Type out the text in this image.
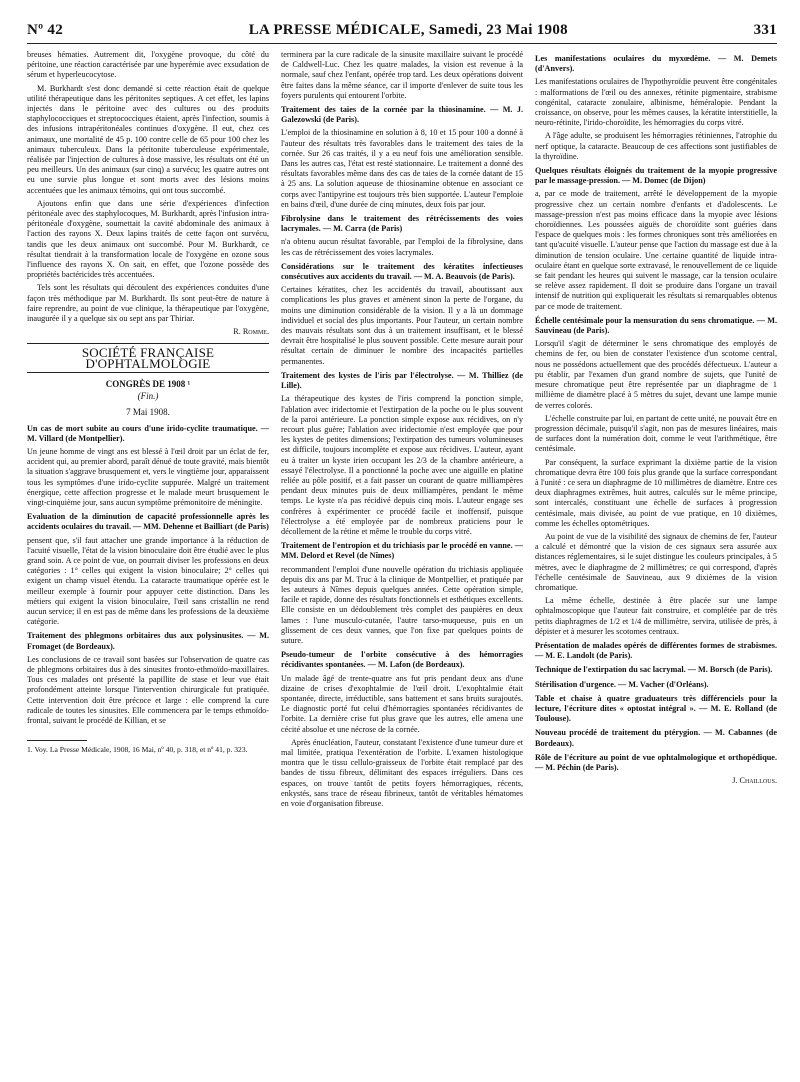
Nº 42	LA PRESSE MÉDICALE, Samedi, 23 Mai 1908	331

breuses hématies. Autrement dit, l'oxygène provoque, du côté du péritoine, une réaction caractérisée par une hyperémie avec exsudation de sérum et hyperleucocytose.

M. Burkhardt s'est donc demandé si cette réaction était de quelque utilité thérapeutique dans les péritonites septiques. A cet effet, les lapins injectés dans le péritoine avec des cultures ou des produits staphylococciques et streptococciques étaient, après l'infection, soumis à des infusions intrapéritonéales continues d'oxygène. Il eut, chez ces animaux, une mortalité de 45 p. 100 contre celle de 65 pour 100 chez les animaux tuberculeux. Dans la péritonite tuberculeuse expérimentale, réalisée par l'injection de cultures à dose massive, les résultats ont été un peu meilleurs. Un des animaux (sur cinq) a survécu; les quatre autres ont eu une survie plus longue et sont morts avec des lésions moins accentuées que les animaux témoins, qui ont tous succombé.

Ajoutons enfin que dans une série d'expériences d'infection péritonéale avec des staphylocoques, M. Burkhardt, après l'infusion intra-péritonéale d'oxygène, soumettait la cavité abdominale des animaux à l'action des rayons X. Deux lapins traités de cette façon ont survécu, tandis que les deux animaux ont succombé. Pour M. Burkhardt, ce résultat tiendrait à la transformation locale de l'oxygène en ozone sous l'influence des rayons X. On sait, en effet, que l'ozone possède des propriétés bactéricides très accentuées.

Tels sont les résultats qui découlent des expériences conduites d'une façon très méthodique par M. Burkhardt. Ils sont peut-être de nature à faire reprendre, au point de vue clinique, la thérapeutique par l'oxygène, inaugurée il y a quelque six ou sept ans par Thiriar.

R. Romme.
SOCIÉTÉ FRANÇAISE D'OPHTALMOLOGIE
CONGRÈS DE 1908 ¹
(Fin.)
7 Mai 1908.

Un cas de mort subite au cours d'une irido-cyclite traumatique. — M. Villard (de Montpellier).

Un jeune homme de vingt ans est blessé à l'œil droit par un éclat de fer, accident qui, au premier abord, paraît dénué de toute gravité, mais bientôt la situation s'aggrave brusquement et, vers le vingtième jour, apparaissent tous les symptômes d'une irido-cyclite suppurée. Malgré un traitement énergique, cette affection progresse et le malade meurt brusquement le vingt-cinquième jour, sans aucun symptôme prémonitoire de méningite.

Evaluation de la diminution de capacité professionnelle après les accidents oculaires du travail. — MM. Dehenne et Bailliart (de Paris)

pensent que, s'il faut attacher une grande importance à la réduction de l'acuité visuelle, l'état de la vision binoculaire doit être étudié avec le plus grand soin. A ce point de vue, on pourrait diviser les professions en deux catégories : 1° celles qui exigent la vision binoculaire; 2° celles qui exigent un champ visuel étendu. La cataracte traumatique opérée est le meilleur exemple à fournir pour appuyer cette distinction. Dans les métiers qui exigent la vision binoculaire, l'œil sans cristallin ne rend aucun service; il en est pas de même dans les professions de la deuxième catégorie.

Traitement des phlegmons orbitaires dus aux polysinusites. — M. Fromaget (de Bordeaux).

Les conclusions de ce travail sont basées sur l'observation de quatre cas de phlegmons orbitaires dus à des sinusites fronto-ethmoïdo-maxillaires. Tous ces malades ont présenté la papillite de stase et leur vue était profondément atteinte lorsque l'intervention chirurgicale fut pratiquée. Cette intervention doit être précoce et large : elle comprend la cure radicale de toutes les sinusites. Elle commencera par le temps ethmoïdo-frontal, suivant le procédé de Killian, et se

1. Voy. La Presse Médicale, 1908, 16 Mai, nº 40, p. 318, et nº 41, p. 323.

terminera par la cure radicale de la sinusite maxillaire suivant le procédé de Caldwell-Luc. Chez les quatre malades, la vision est revenue à la normale, sauf chez l'enfant, opérée trop tard. Les deux opérations doivent être faites dans la même séance, car il importe d'enlever de suite tous les foyers purulents qui entourent l'orbite.

Traitement des taies de la cornée par la thiosinamine. — M. J. Galezowski (de Paris).

L'emploi de la thiosinamine en solution à 8, 10 et 15 pour 100 a donné à l'auteur des résultats très favorables dans le traitement des taies de la cornée. Sur 26 cas traités, il y a eu neuf fois une amélioration sensible. Dans les autres cas, l'état est resté stationnaire. Le traitement a donné des résultats favorables même dans des cas de taies de la cornée datant de 15 à 25 ans. La solution aqueuse de thiosinamine obtenue en associant ce corps avec l'antipyrine est toujours très bien supportée. L'auteur l'emploie en bains d'œil, d'une durée de cinq minutes, deux fois par jour.

Fibrolysine dans le traitement des rétrécissements des voies lacrymales. — M. Carra (de Paris)

n'a obtenu aucun résultat favorable, par l'emploi de la fibrolysine, dans les cas de rétrécissement des voies lacrymales.

Considérations sur le traitement des kératites infectieuses consécutives aux accidents du travail. — M. A. Beauvois (de Paris).

Certaines kératites, chez les accidentés du travail, aboutissant aux complications les plus graves et amènent sinon la perte de l'organe, du moins une diminution considérable de la vision. Il y a là un dommage individuel et social des plus importants. Pour l'auteur, un certain nombre des mauvais résultats sont dus à un traitement insuffisant, et le blessé devrait être hospitalisé le plus souvent possible. Cette mesure aurait pour résultat certain de diminuer le nombre des incapacités partielles permanentes.

Traitement des kystes de l'iris par l'électrolyse. — M. Thilliez (de Lille).

La thérapeutique des kystes de l'iris comprend la ponction simple, l'ablation avec iridectomie et l'extirpation de la poche ou le plus souvent de la paroi antérieure. La ponction simple expose aux récidives, on n'y recourt plus guère; l'ablation avec iridectomie n'est employée que pour les kystes de petites dimensions; l'extirpation des tumeurs volumineuses est difficile, toujours incomplète et expose aux récidives. L'auteur, ayant eu à traiter un kyste irien occupant les 2/3 de la chambre antérieure, a essayé l'électrolyse. Il a ponctionné la poche avec une aiguille en platine reliée au pôle positif, et a fait passer un courant de quatre milliampères pendant deux minutes puis de deux milliampères, pendant le même temps. Le kyste n'a pas récidivé depuis cinq mois. L'auteur engage ses confrères à expérimenter ce procédé facile et inoffensif, puisque l'électrolyse a été employée par de nombreux praticiens pour le décollement de la rétine et même le trouble du corps vitré.

Traitement de l'entropion et du trichiasis par le procédé en vanne. — MM. Delord et Revel (de Nîmes)

recommandent l'emploi d'une nouvelle opération du trichiasis appliquée depuis dix ans par M. Truc à la clinique de Montpellier, et pratiquée par les auteurs à Nîmes depuis quelques années. Cette opération simple, facile et rapide, donne des résultats fonctionnels et esthétiques excellents. Elle consiste en un dédoublement très complet des paupières en deux lames : l'une musculo-cutanée, l'autre tarso-muqueuse, puis en un glissement de ces deux vannes, que l'on fixe par quelques points de suture.

Pseudo-tumeur de l'orbite consécutive à des hémorragies récidivantes spontanées. — M. Lafon (de Bordeaux).

Un malade âgé de trente-quatre ans fut pris pendant deux ans d'une dizaine de crises d'exophtalmie de l'œil droit. L'exophtalmie était spontanée, directe, irréductible, sans battement et sans bruits surajoutés. Le diagnostic porté fut celui d'hémorragies spontanées récidivantes de l'orbite. La dernière crise fut plus grave que les autres, elle amena une cécité absolue et une nécrose de la cornée.

Après énucléation, l'auteur, constatant l'existence d'une tumeur dure et mal limitée, pratiqua l'exentération de l'orbite. L'examen histologique montra que le tissu cellulo-graisseux de l'orbite était remplacé par des bandes de tissu fibreux, délimitant des espaces irréguliers. Dans ces espaces, on trouve tantôt de petits foyers hémorragiques, récents, enkystés, sans trace de réseau fibrineux, tantôt de véritables hématomes en voie d'organisation fibreuse.

Les manifestations oculaires du myxœdème. — M. Demets (d'Anvers).

Les manifestations oculaires de l'hypothyroïdie peuvent être congénitales : malformations de l'œil ou des annexes, rétinite pigmentaire, strabisme congénital, cataracte zonulaire, albinisme, héméralopie. Pendant la croissance, on observe, pour les mêmes causes, la kératite interstitielle, la neuro-rétinite, l'irido-choroïdite, les hémorragies du corps vitré.

A l'âge adulte, se produisent les hémorragies rétiniennes, l'atrophie du nerf optique, la cataracte. Beaucoup de ces affections sont justifiables de la thyroïdine.

Quelques résultats éloignés du traitement de la myopie progressive par le massage-pression. — M. Domec (de Dijon)

a, par ce mode de traitement, arrêté le développement de la myopie progressive chez un certain nombre d'enfants et d'adolescents. Le massage-pression n'est pas moins efficace dans la myopie avec lésions choroïdiennes. Les poussées aiguës de choroïdite sont guéries dans l'espace de quelques mois : les formes chroniques sont très améliorées en tant qu'acuité visuelle. L'auteur pense que l'action du massage est due à la diminution de tension oculaire. Une certaine quantité de liquide intra-oculaire étant en quelque sorte extravasé, le renouvellement de ce liquide se fait pendant les heures qui suivent le massage, car la tension oculaire se relève assez rapidement. Il doit se produire dans l'organe un travail intensif de nutrition qui expliquerait les résultats si remarquables obtenus par ce mode de traitement.

Échelle centésimale pour la mensuration du sens chromatique. — M. Sauvineau (de Paris).

Lorsqu'il s'agit de déterminer le sens chromatique des employés de chemins de fer, ou bien de constater l'existence d'un scotome central, nous ne possédons actuellement que des procédés défectueux. L'auteur a pu établir, par l'examen d'un grand nombre de sujets, que l'unité de mesure chromatique peut être représentée par un diaphragme de 1 millième de diamètre placé à 5 mètres du sujet, devant une lampe munie de verres colorés.

L'échelle construite par lui, en partant de cette unité, ne pouvait être en progression décimale, puisqu'il s'agit, non pas de mesures linéaires, mais de surfaces dont la numération doit, comme le veut l'arithmétique, être centésimale.

Par conséquent, la surface exprimant la dixième partie de la vision chromatique devra être 100 fois plus grande que la surface correspondant à l'unité : ce sera un diaphragme de 10 millimètres de diamètre. Entre ces deux diaphragmes extrêmes, huit autres, calculés sur le même principe, sont intercalés, constituant une échelle de surfaces à progression centésimale, mais divisée, au point de vue pratique, en 10 dixièmes, comme les échelles optométriques.

Au point de vue de la visibilité des signaux de chemins de fer, l'auteur a calculé et démontré que la vision de ces signaux sera assurée aux distances réglementaires, si le sujet distingue les couleurs principales, à 5 mètres, avec le diaphragme de 2 millimètres; ce qui correspond, d'après l'échelle centésimale de Sauvineau, aux 9 dixièmes de la vision chromatique.

La même échelle, destinée à être placée sur une lampe ophtalmoscopique que l'auteur fait construire, et complétée par de très petits diaphragmes de 1/2 et 1/4 de millimètre, servira, utilisée de près, à dépister et à mesurer les scotomes centraux.

Présentation de malades opérés de différentes formes de strabismes. — M. E. Landolt (de Paris).

Technique de l'extirpation du sac lacrymal. — M. Borsch (de Paris).

Stérilisation d'urgence. — M. Vacher (d'Orléans).

Table et chaise à quatre graduateurs très différenciels pour la lecture, l'écriture dites « optostat intégral ». — M. E. Rolland (de Toulouse).

Nouveau procédé de traitement du ptérygion. — M. Cabannes (de Bordeaux).

Rôle de l'écriture au point de vue ophtalmologique et orthopédique. — M. Péchin (de Paris).

J. Chaillous.
